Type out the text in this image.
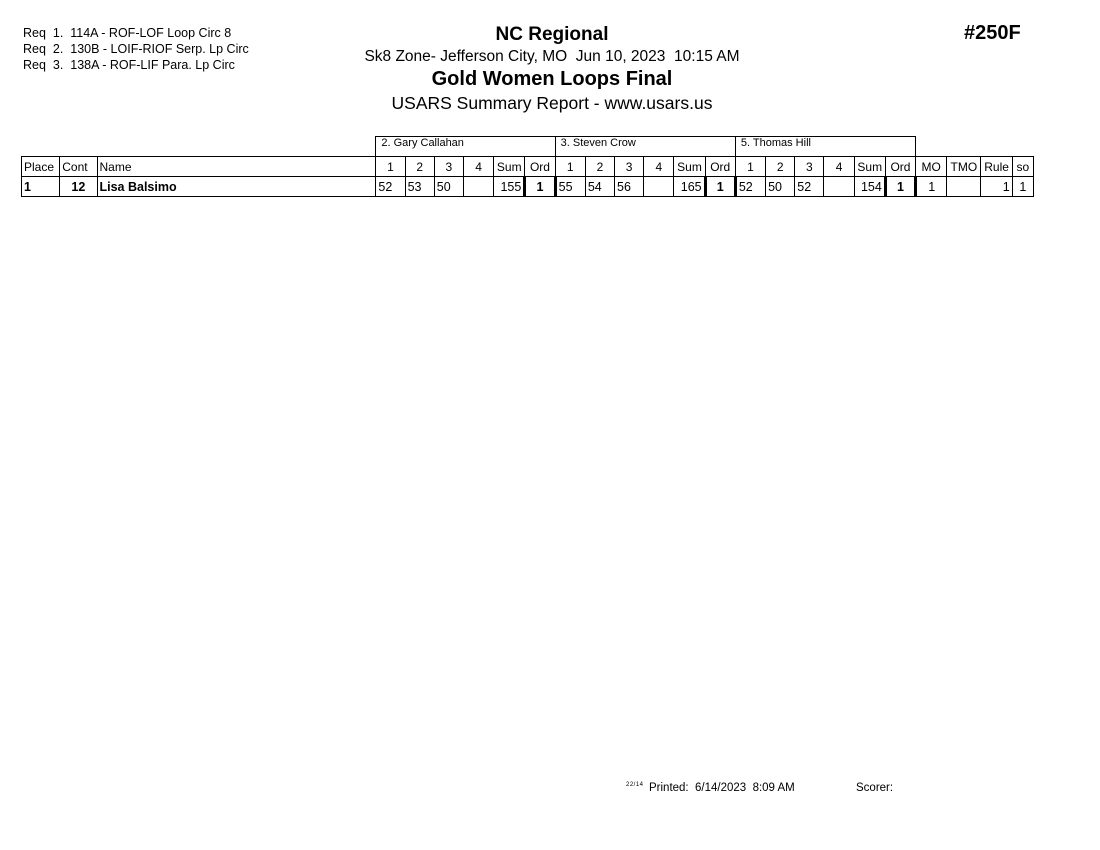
Req  1.  114A - ROF-LOF Loop Circ 8
Req  2.  130B - LOIF-RIOF Serp. Lp Circ
Req  3.  138A - ROF-LIF Para. Lp Circ
#250F
NC Regional
Sk8 Zone- Jefferson City, MO  Jun 10, 2023  10:15 AM
Gold Women Loops Final
USARS Summary Report - www.usars.us
			2. Gary Callahan						3. Steven Crow						5. Thomas Hill									
Place	Cont	Name	1	2	3	4	Sum	Ord	1	2	3	4	Sum	Ord	1	2	3	4	Sum	Ord	MO	TMO	Rule	so
1	12	Lisa Balsimo	52	53	50		155	1	55	54	56		165	1	52	50	52		154	1	1		1	1
22/14 Printed:  6/14/2023  8:09 AM	Scorer:
